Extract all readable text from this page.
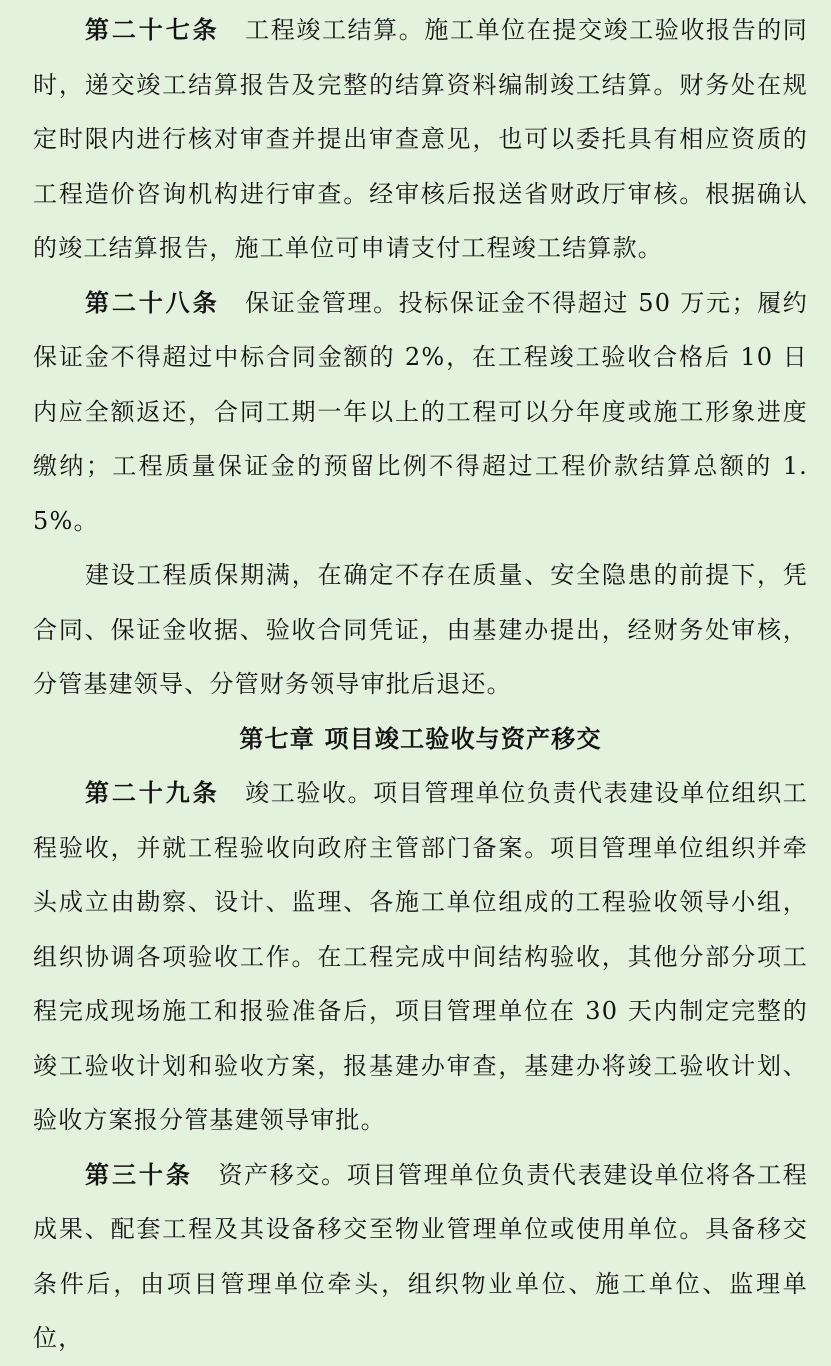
第二十七条　 工程竣工结算。施工单位在提交竣工验收报告的同时，递交竣工结算报告及完整的结算资料编制竣工结算。财务处在规定时限内进行核对审查并提出审查意见，也可以委托具有相应资质的工程造价咨询机构进行审查。经审核后报送省财政厅审核。根据确认的竣工结算报告，施工单位可申请支付工程竣工结算款。

第二十八条　 保证金管理。投标保证金不得超过 50 万元；履约保证金不得超过中标合同金额的 2%，在工程竣工验收合格后 10 日内应全额返还，合同工期一年以上的工程可以分年度或施工形象进度缴纳；工程质量保证金的预留比例不得超过工程价款结算总额的 1.5%。

建设工程质保期满，在确定不存在质量、安全隐患的前提下，凭合同、保证金收据、验收合同凭证，由基建办提出，经财务处审核，分管基建领导、分管财务领导审批后退还。

第七章 项目竣工验收与资产移交

第二十九条　 竣工验收。项目管理单位负责代表建设单位组织工程验收，并就工程验收向政府主管部门备案。项目管理单位组织并牵头成立由勘察、设计、监理、各施工单位组成的工程验收领导小组，组织协调各项验收工作。在工程完成中间结构验收，其他分部分项工程完成现场施工和报验准备后，项目管理单位在 30 天内制定完整的竣工验收计划和验收方案，报基建办审查，基建办将竣工验收计划、验收方案报分管基建领导审批。

第三十条　 资产移交。项目管理单位负责代表建设单位将各工程成果、配套工程及其设备移交至物业管理单位或使用单位。具备移交条件后，由项目管理单位牵头，组织物业单位、施工单位、监理单位，
